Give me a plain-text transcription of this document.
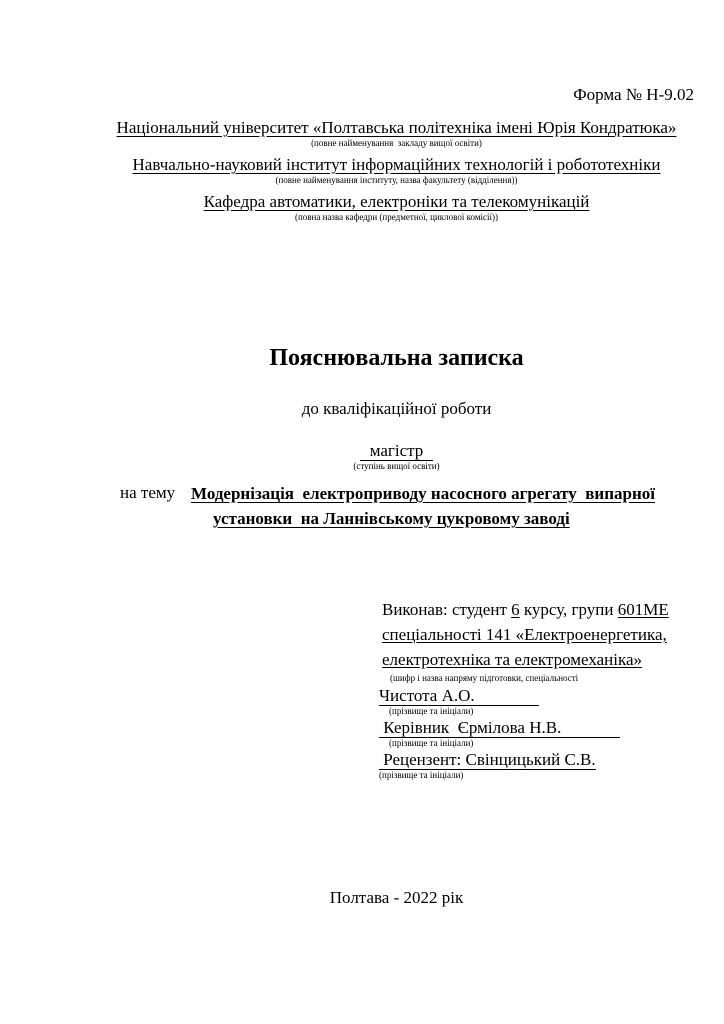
Форма № Н-9.02
Національний університет «Полтавська політехніка імені Юрія Кондратюка»
(повне найменування  закладу вищої освіти)
Навчально-науковий інститут інформаційних технологій і робототехніки
(повне найменування інституту, назва факультету (відділення))
Кафедра автоматики, електроніки та телекомунікацій
(повна назва кафедри (предметної, циклової комісії))
Пояснювальна записка
до кваліфікаційної роботи
магістр
(ступінь вищої освіти)
на тему Модернізація  електроприводу насосного агрегату  випарної
установки  на Ланнівському цукровому заводі
Виконав: студент 6 курсу, групи 601МЕ
спеціальності 141 «Електроенергетика,
електротехніка та електромеханіка»
(шифр і назва напряму підготовки, спеціальності
Чистота А.О.
(прізвище та ініціали)
Керівник  Єрмілова Н.В.
(прізвище та ініціали)
Рецензент: Свінцицький С.В.
(прізвище та ініціали)
Полтава - 2022 рік
